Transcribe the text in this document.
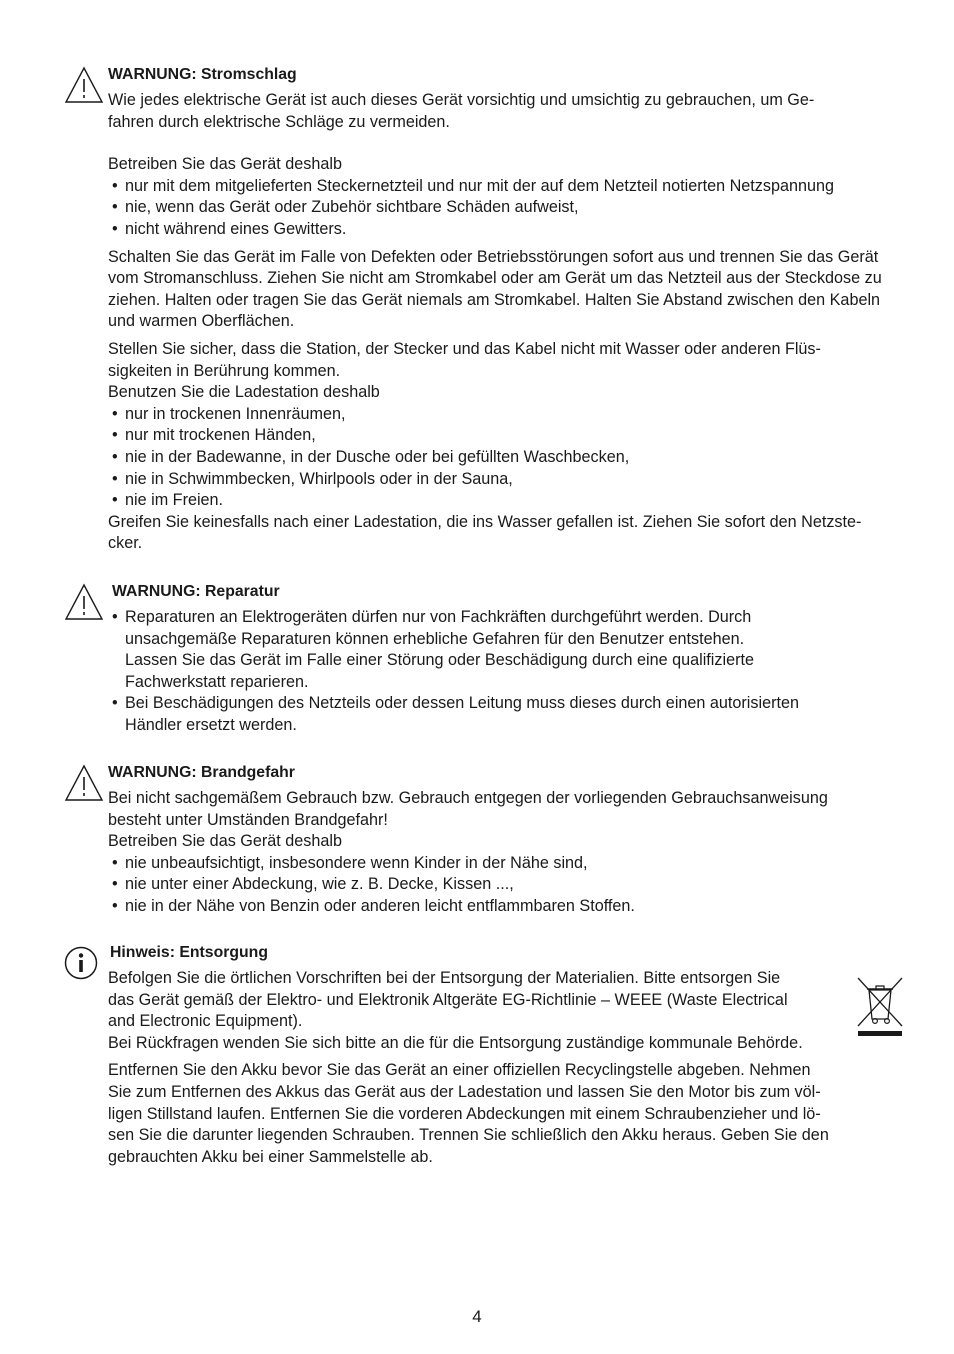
WARNUNG: Stromschlag

Wie jedes elektrische Gerät ist auch dieses Gerät vorsichtig und umsichtig zu gebrauchen, um Ge-
fahren durch elektrische Schläge zu vermeiden.

Betreiben Sie das Gerät deshalb

• nur mit dem mitgelieferten Steckernetzteil und nur mit der auf dem Netzteil notierten Netzspannung
• nie, wenn das Gerät oder Zubehör sichtbare Schäden aufweist,
• nicht während eines Gewitters.

Schalten Sie das Gerät im Falle von Defekten oder Betriebsstörungen sofort aus und trennen Sie das Gerät vom Stromanschluss. Ziehen Sie nicht am Stromkabel oder am Gerät um das Netzteil aus der Steckdose zu ziehen. Halten oder tragen Sie das Gerät niemals am Stromkabel. Halten Sie Abstand zwischen den Kabeln und warmen Oberflächen.

Stellen Sie sicher, dass die Station, der Stecker und das Kabel nicht mit Wasser oder anderen Flüs-
sigkeiten in Berührung kommen.

Benutzen Sie die Ladestation deshalb

• nur in trockenen Innenräumen,
• nur mit trockenen Händen,
• nie in der Badewanne, in der Dusche oder bei gefüllten Waschbecken,
• nie in Schwimmbecken, Whirlpools oder in der Sauna,
• nie im Freien.

Greifen Sie keinesfalls nach einer Ladestation, die ins Wasser gefallen ist. Ziehen Sie sofort den Netzste-
cker.

WARNUNG: Reparatur
• Reparaturen an Elektrogeräten dürfen nur von Fachkräften durchgeführt werden. Durch
unsachgemäße Reparaturen können erhebliche Gefahren für den Benutzer entstehen.
Lassen Sie das Gerät im Falle einer Störung oder Beschädigung durch eine qualifizierte
Fachwerkstatt reparieren.
• Bei Beschädigungen des Netzteils oder dessen Leitung muss dieses durch einen autorisierten
Händler ersetzt werden.
WARNUNG: Brandgefahr

Bei nicht sachgemäßem Gebrauch bzw. Gebrauch entgegen der vorliegenden Gebrauchsanweisung
besteht unter Umständen Brandgefahr!

Betreiben Sie das Gerät deshalb

• nie unbeaufsichtigt, insbesondere wenn Kinder in der Nähe sind,
• nie unter einer Abdeckung, wie z. B. Decke, Kissen ...,
• nie in der Nähe von Benzin oder anderen leicht entflammbaren Stoffen.
Hinweis: Entsorgung

Befolgen Sie die örtlichen Vorschriften bei der Entsorgung der Materialien. Bitte entsorgen Sie
das Gerät gemäß der Elektro- und Elektronik Altgeräte EG-Richtlinie – WEEE (Waste Electrical
and Electronic Equipment).

Bei Rückfragen wenden Sie sich bitte an die für die Entsorgung zuständige kommunale Behörde.

Entfernen Sie den Akku bevor Sie das Gerät an einer offiziellen Recyclingstelle abgeben. Nehmen
Sie zum Entfernen des Akkus das Gerät aus der Ladestation und lassen Sie den Motor bis zum völ-
ligen Stillstand laufen. Entfernen Sie die vorderen Abdeckungen mit einem Schraubenzieher und lö-
sen Sie die darunter liegenden Schrauben. Trennen Sie schließlich den Akku heraus. Geben Sie den
gebrauchten Akku bei einer Sammelstelle ab.

4
